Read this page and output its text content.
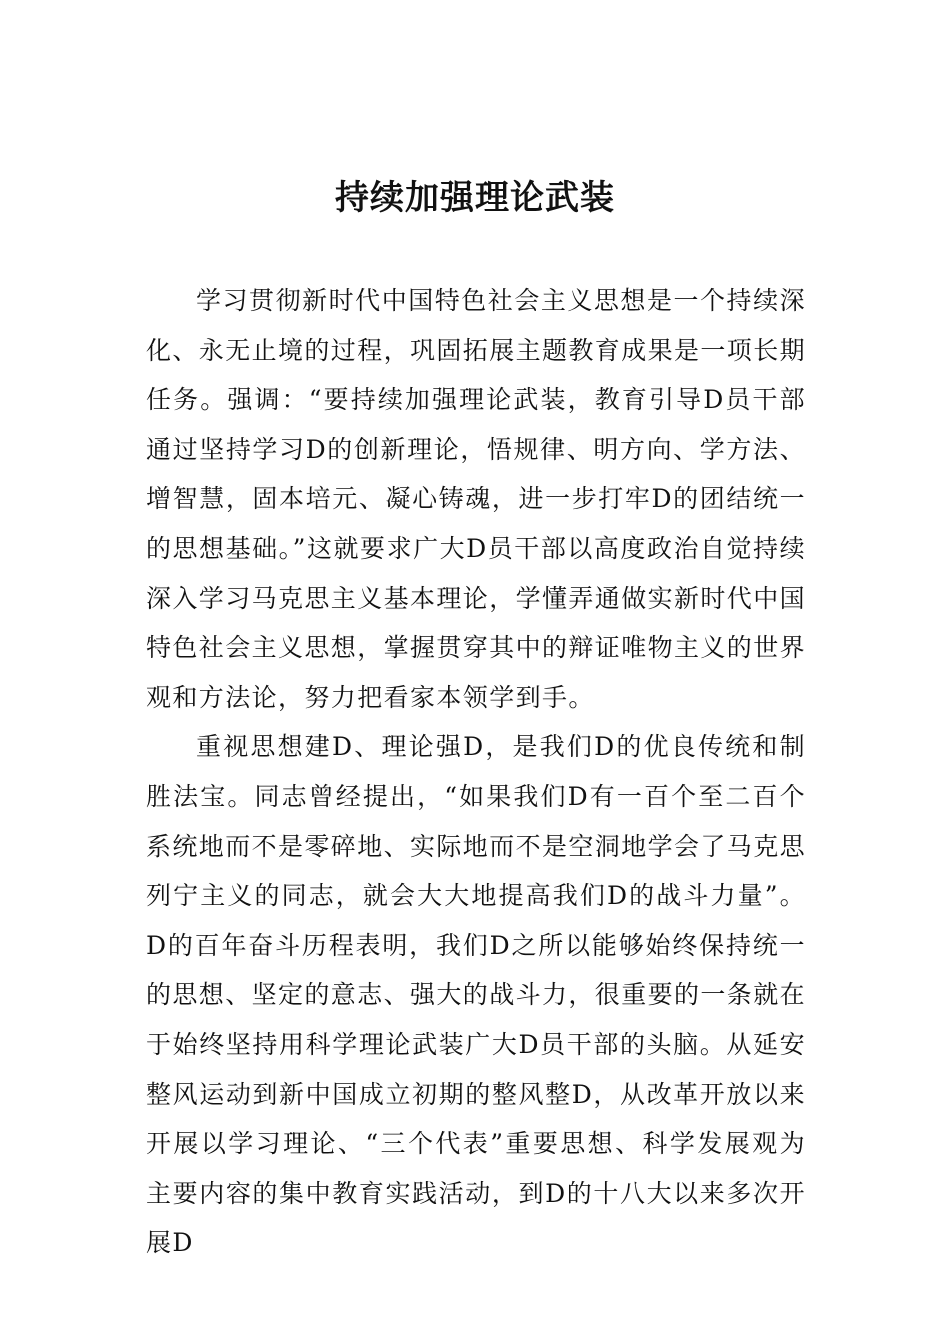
持续加强理论武装

学习贯彻新时代中国特色社会主义思想是一个持续深化、永无止境的过程，巩固拓展主题教育成果是一项长期任务。强调：“要持续加强理论武装，教育引导D员干部通过坚持学习D的创新理论，悟规律、明方向、学方法、增智慧，固本培元、凝心铸魂，进一步打牢D的团结统一的思想基础。”这就要求广大D员干部以高度政治自觉持续深入学习马克思主义基本理论，学懂弄通做实新时代中国特色社会主义思想，掌握贯穿其中的辩证唯物主义的世界观和方法论，努力把看家本领学到手。

重视思想建D、理论强D，是我们D的优良传统和制胜法宝。同志曾经提出，“如果我们D有一百个至二百个系统地而不是零碎地、实际地而不是空洞地学会了马克思列宁主义的同志，就会大大地提高我们D的战斗力量”。D的百年奋斗历程表明，我们D之所以能够始终保持统一的思想、坚定的意志、强大的战斗力，很重要的一条就在于始终坚持用科学理论武装广大D员干部的头脑。从延安整风运动到新中国成立初期的整风整D，从改革开放以来开展以学习理论、“三个代表”重要思想、科学发展观为主要内容的集中教育实践活动，到D的十八大以来多次开展D
